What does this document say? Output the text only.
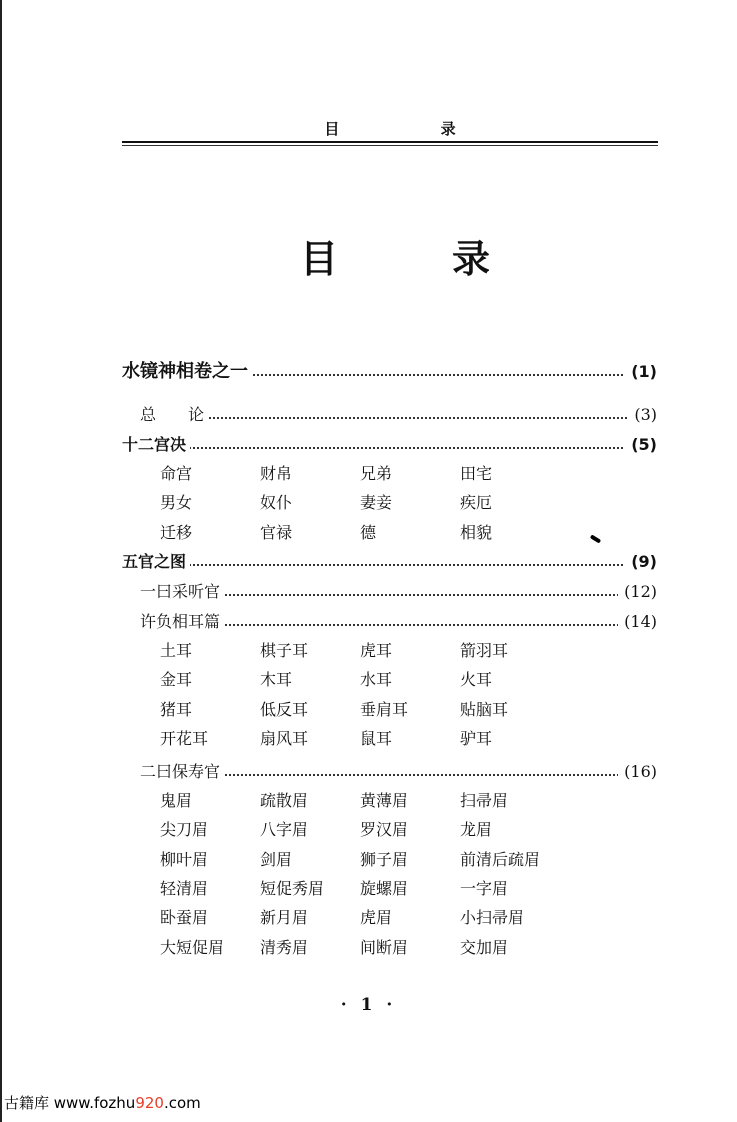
目 录
目	录
水镜神相卷之一	(1)
总　　论	(3)
十二宫决	(5)
五官之图	(9)
一曰采听官	(12)
许负相耳篇	(14)
二曰保寿官	(16)
命宫	财帛	兄弟	田宅
男女	奴仆	妻妾	疾厄
迁移	官禄	德	相貌
土耳	棋子耳	虎耳	箭羽耳
金耳	木耳	水耳	火耳
猪耳	低反耳	垂肩耳	贴脑耳
开花耳	扇风耳	鼠耳	驴耳
鬼眉	疏散眉	黄薄眉	扫帚眉
尖刀眉	八字眉	罗汉眉	龙眉
柳叶眉	剑眉	狮子眉	前清后疏眉
轻清眉	短促秀眉	旋螺眉	一字眉
卧蚕眉	新月眉	虎眉	小扫帚眉
大短促眉	清秀眉	间断眉	交加眉
· 1 ·
古籍库 www.fozhu920.com
